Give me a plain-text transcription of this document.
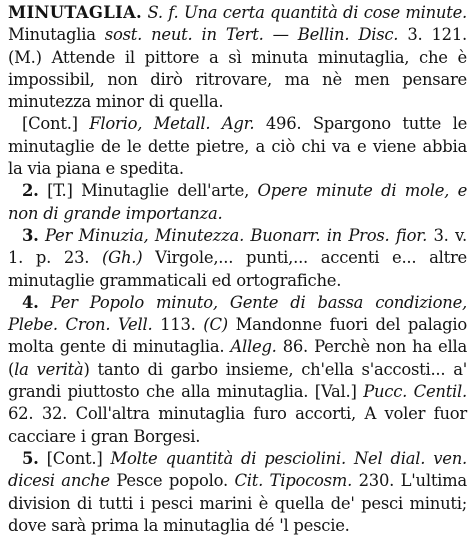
MINUTAGLIA. S. f. Una certa quantità di cose minute. Minutaglia sost. neut. in Tert. — Bellin. Disc. 3. 121. (M.) Attende il pittore a sì minuta minutaglia, che è impossibil, non dirò ritrovare, ma nè men pensare minutezza minor di quella.

[Cont.] Florio, Metall. Agr. 496. Spargono tutte le minutaglie de le dette pietre, a ciò chi va e viene abbia la via piana e spedita.

2. [T.] Minutaglie dell'arte, Opere minute di mole, e non di grande importanza.

3. Per Minuzia, Minutezza. Buonarr. in Pros. fior. 3. v. 1. p. 23. (Gh.) Virgole,... punti,... accenti e... altre minutaglie grammaticali ed ortografiche.

4. Per Popolo minuto, Gente di bassa condizione, Plebe. Cron. Vell. 113. (C) Mandonne fuori del palagio molta gente di minutaglia. Alleg. 86. Perchè non ha ella (la verità) tanto di garbo insieme, ch'ella s'accosti... a' grandi piuttosto che alla minutaglia. [Val.] Pucc. Centil. 62. 32. Coll'altra minutaglia furo accorti, A voler fuor cacciare i gran Borgesi.

5. [Cont.] Molte quantità di pesciolini. Nel dial. ven. dicesi anche Pesce popolo. Cit. Tipocosm. 230. L'ultima division di tutti i pesci marini è quella de' pesci minuti; dove sarà prima la minutaglia dé 'l pescie.
